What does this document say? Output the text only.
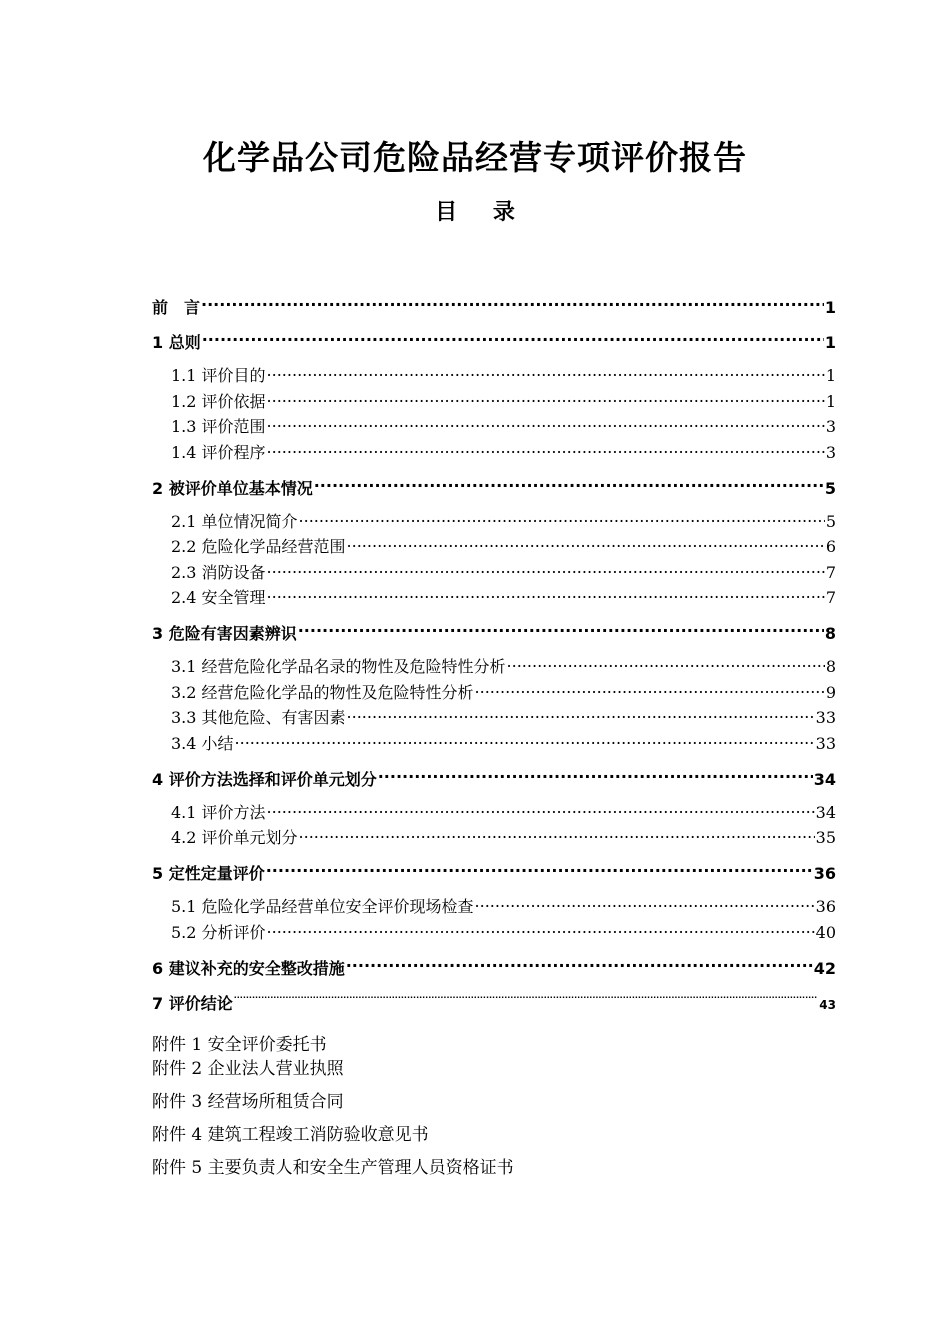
化学品公司危险品经营专项评价报告
目 录
前　言 .....	1
1 总则 .....	1
1.1 评价目的 .....	1
1.2 评价依据 .....	1
1.3 评价范围 .....	3
1.4 评价程序 .....	3
2 被评价单位基本情况 .....	5
2.1 单位情况简介 .....	5
2.2 危险化学品经营范围 .....	6
2.3 消防设备 .....	7
2.4 安全管理 .....	7
3 危险有害因素辨识 .....	8
3.1 经营危险化学品名录的物性及危险特性分析 .....	8
3.2 经营危险化学品的物性及危险特性分析 .....	9
3.3 其他危险、有害因素 .....	33
3.4 小结 .....	33
4 评价方法选择和评价单元划分 .....	34
4.1 评价方法 .....	34
4.2 评价单元划分 .....	35
5 定性定量评价 .....	36
5.1 危险化学品经营单位安全评价现场检查 .....	36
5.2 分析评价 .....	40
6 建议补充的安全整改措施 .....	42
7 评价结论 .....	43
附件 1 安全评价委托书
附件 2 企业法人营业执照
附件 3 经营场所租赁合同
附件 4 建筑工程竣工消防验收意见书
附件 5 主要负责人和安全生产管理人员资格证书
